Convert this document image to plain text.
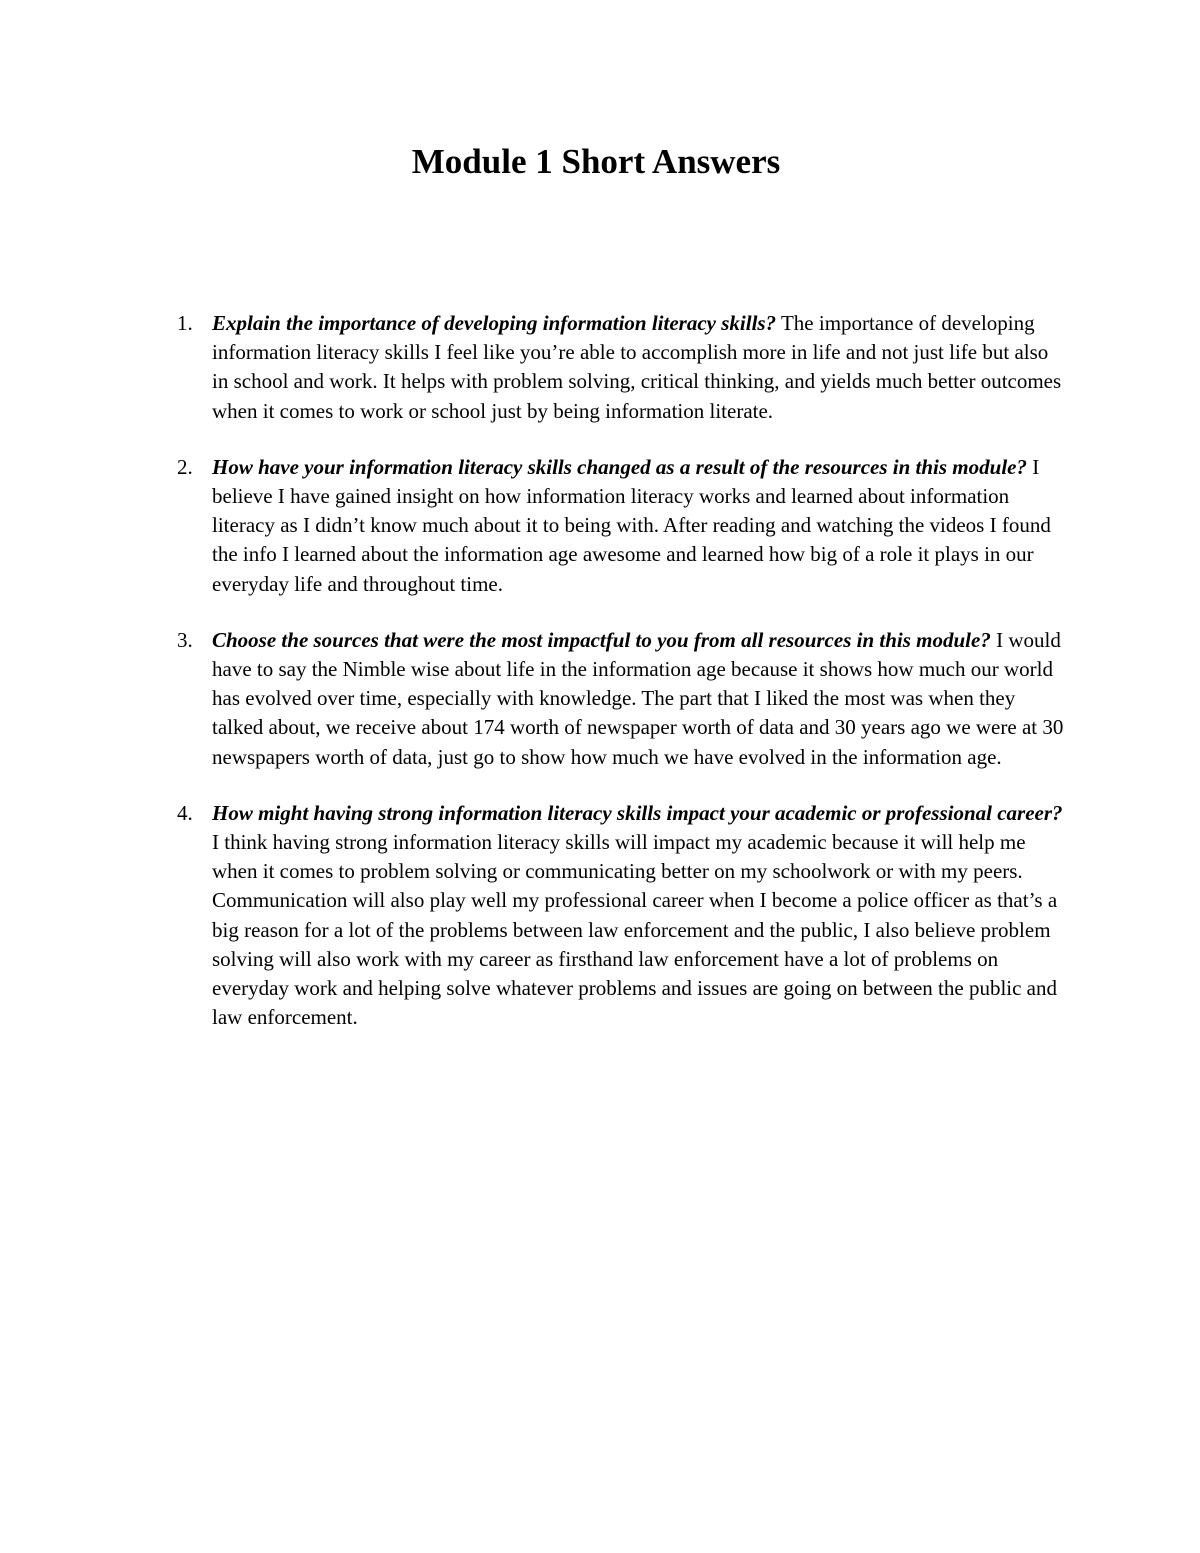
Module 1 Short Answers
1. Explain the importance of developing information literacy skills? The importance of developing information literacy skills I feel like you’re able to accomplish more in life and not just life but also in school and work. It helps with problem solving, critical thinking, and yields much better outcomes when it comes to work or school just by being information literate.
2. How have your information literacy skills changed as a result of the resources in this module? I believe I have gained insight on how information literacy works and learned about information literacy as I didn’t know much about it to being with. After reading and watching the videos I found the info I learned about the information age awesome and learned how big of a role it plays in our everyday life and throughout time.
3. Choose the sources that were the most impactful to you from all resources in this module? I would have to say the Nimble wise about life in the information age because it shows how much our world has evolved over time, especially with knowledge. The part that I liked the most was when they talked about, we receive about 174 worth of newspaper worth of data and 30 years ago we were at 30 newspapers worth of data, just go to show how much we have evolved in the information age.
4. How might having strong information literacy skills impact your academic or professional career? I think having strong information literacy skills will impact my academic because it will help me when it comes to problem solving or communicating better on my schoolwork or with my peers. Communication will also play well my professional career when I become a police officer as that’s a big reason for a lot of the problems between law enforcement and the public, I also believe problem solving will also work with my career as firsthand law enforcement have a lot of problems on everyday work and helping solve whatever problems and issues are going on between the public and law enforcement.
